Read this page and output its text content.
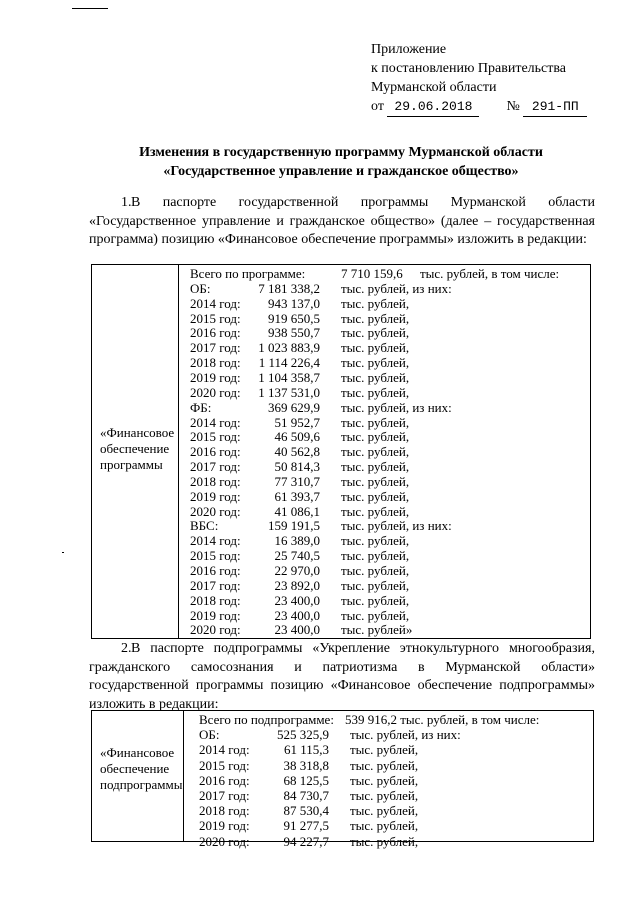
Приложение
к постановлению Правительства
Мурманской области
от 29.06.2018 № 291-ПП
Изменения в государственную программу Мурманской области
«Государственное управление и гражданское общество»
1.В паспорте государственной программы Мурманской области «Государственное управление и гражданское общество» (далее – государственная программа) позицию «Финансовое обеспечение программы» изложить в редакции:
«Финансовое
обеспечение
программы
Всего по программе:	7 710 159,6 тыс. рублей, в том числе:
ОБ:	7 181 338,2 тыс. рублей, из них:
2014 год:	943 137,0 тыс. рублей,
2015 год:	919 650,5 тыс. рублей,
2016 год:	938 550,7 тыс. рублей,
2017 год:	1 023 883,9 тыс. рублей,
2018 год:	1 114 226,4 тыс. рублей,
2019 год:	1 104 358,7 тыс. рублей,
2020 год:	1 137 531,0 тыс. рублей,
ФБ:	369 629,9 тыс. рублей, из них:
2014 год:	51 952,7 тыс. рублей,
2015 год:	46 509,6 тыс. рублей,
2016 год:	40 562,8 тыс. рублей,
2017 год:	50 814,3 тыс. рублей,
2018 год:	77 310,7 тыс. рублей,
2019 год:	61 393,7 тыс. рублей,
2020 год:	41 086,1 тыс. рублей,
ВБС:	159 191,5 тыс. рублей, из них:
2014 год:	16 389,0 тыс. рублей,
2015 год:	25 740,5 тыс. рублей,
2016 год:	22 970,0 тыс. рублей,
2017 год:	23 892,0 тыс. рублей,
2018 год:	23 400,0 тыс. рублей,
2019 год:	23 400,0 тыс. рублей,
2020 год:	23 400,0 тыс. рублей»
2.В паспорте подпрограммы «Укрепление этнокультурного многообразия, гражданского самосознания и патриотизма в Мурманской области» государственной программы позицию «Финансовое обеспечение подпрограммы» изложить в редакции:
«Финансовое
обеспечение
подпрограммы
Всего по подпрограмме: 539 916,2 тыс. рублей, в том числе:
ОБ:	525 325,9 тыс. рублей, из них:
2014 год:	61 115,3 тыс. рублей,
2015 год:	38 318,8 тыс. рублей,
2016 год:	68 125,5 тыс. рублей,
2017 год:	84 730,7 тыс. рублей,
2018 год:	87 530,4 тыс. рублей,
2019 год:	91 277,5 тыс. рублей,
2020 год:	94 227,7 тыс. рублей,
